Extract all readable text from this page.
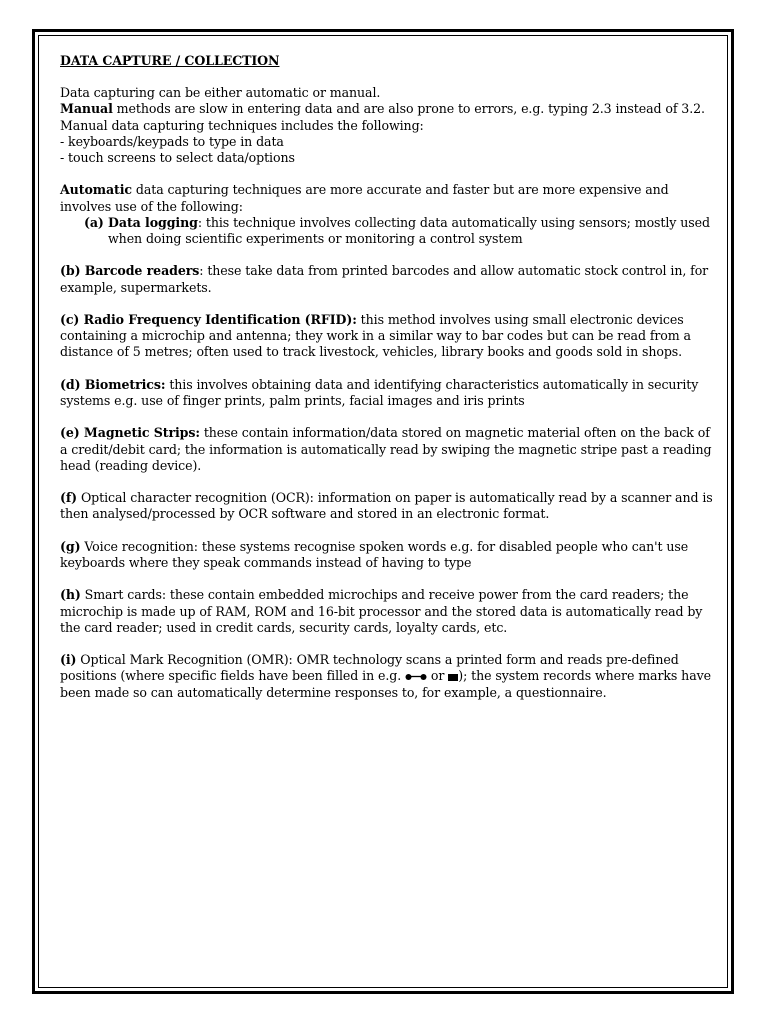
DATA CAPTURE / COLLECTION

Data capturing can be either automatic or manual.

Manual methods are slow in entering data and are also prone to errors, e.g. typing 2.3 instead of 3.2.

Manual data capturing techniques includes the following:

- keyboards/keypads to type in data

- touch screens to select data/options

Automatic data capturing techniques are more accurate and faster but are more expensive and involves use of the following:

(a) Data logging: this technique involves collecting data automatically using sensors; mostly used when doing scientific experiments or monitoring a control system

(b) Barcode readers: these take data from printed barcodes and allow automatic stock control in, for example, supermarkets.

(c) Radio Frequency Identification (RFID): this method involves using small electronic devices containing a microchip and antenna; they work in a similar way to bar codes but can be read from a distance of 5 metres; often used to track livestock, vehicles, library books and goods sold in shops.

(d) Biometrics: this involves obtaining data and identifying characteristics automatically in security systems e.g. use of finger prints, palm prints, facial images and iris prints

(e) Magnetic Strips: these contain information/data stored on magnetic material often on the back of a credit/debit card; the information is automatically read by swiping the magnetic stripe past a reading head (reading device).

(f) Optical character recognition (OCR): information on paper is automatically read by a scanner and is then analysed/processed by OCR software and stored in an electronic format.

(g) Voice recognition: these systems recognise spoken words e.g. for disabled people who can't use keyboards where they speak commands instead of having to type

(h) Smart cards: these contain embedded microchips and receive power from the card readers; the microchip is made up of RAM, ROM and 16-bit processor and the stored data is automatically read by the card reader; used in credit cards, security cards, loyalty cards, etc.

(i) Optical Mark Recognition (OMR): OMR technology scans a printed form and reads pre-defined positions (where specific fields have been filled in e.g.  or ); the system records where marks have been made so can automatically determine responses to, for example, a questionnaire.
